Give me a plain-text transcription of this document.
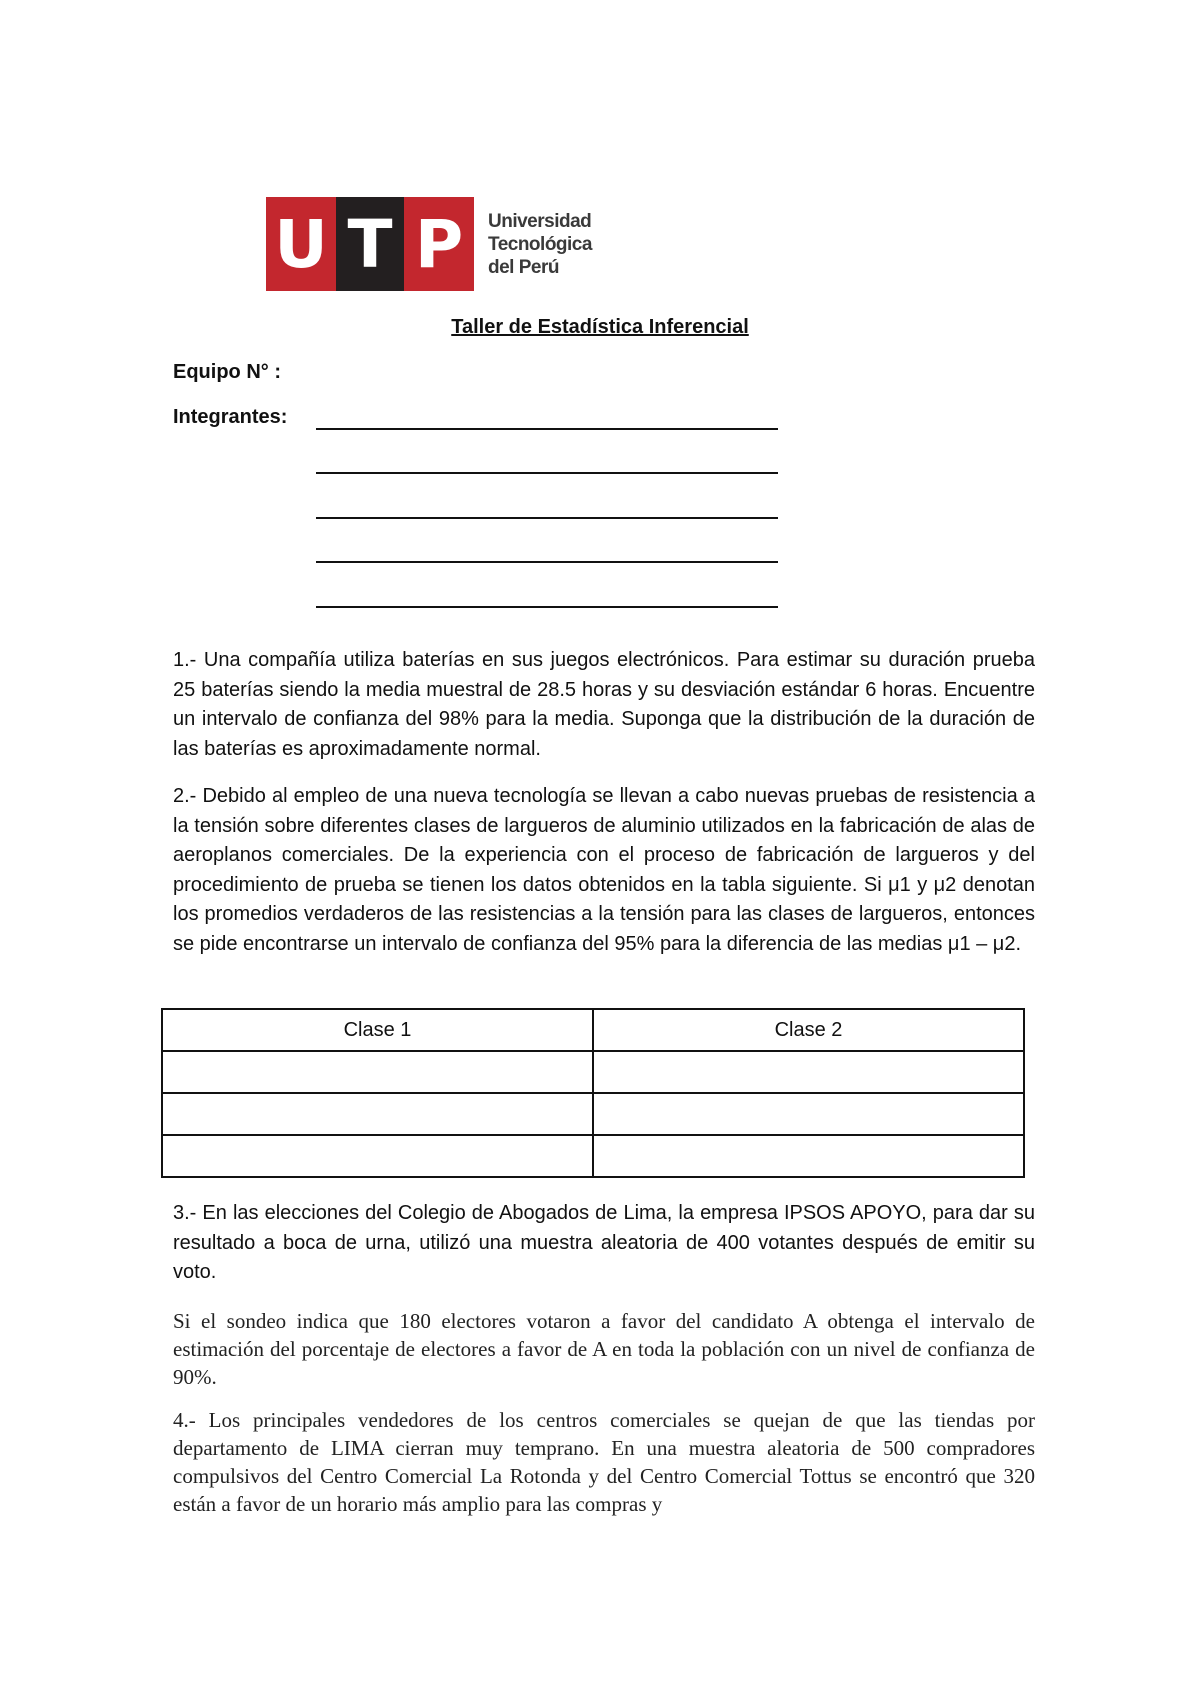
U T P	Universidad
Tecnológica
del Perú
Taller de Estadística Inferencial
Equipo N° :
Integrantes:
1.- Una compañía utiliza baterías en sus juegos electrónicos. Para estimar su duración prueba 25 baterías siendo la media muestral de 28.5 horas y su desviación estándar 6 horas. Encuentre un intervalo de confianza del 98% para la media. Suponga que la distribución de la duración de las baterías es aproximadamente normal.
2.- Debido al empleo de una nueva tecnología se llevan a cabo nuevas pruebas de resistencia a la tensión sobre diferentes clases de largueros de aluminio utilizados en la fabricación de alas de aeroplanos comerciales. De la experiencia con el proceso de fabricación de largueros y del procedimiento de prueba se tienen los datos obtenidos en la tabla siguiente. Si μ1 y μ2 denotan los promedios verdaderos de las resistencias a la tensión para las clases de largueros, entonces se pide encontrarse un intervalo de confianza del 95% para la diferencia de las medias μ1 – μ2.
Clase 1	Clase 2

3.- En las elecciones del Colegio de Abogados de Lima, la empresa IPSOS APOYO, para dar su resultado a boca de urna, utilizó una muestra aleatoria de 400 votantes después de emitir su voto.
Si el sondeo indica que 180 electores votaron a favor del candidato A obtenga el intervalo de estimación del porcentaje de electores a favor de A en toda la población con un nivel de confianza de 90%.
4.- Los principales vendedores de los centros comerciales se quejan de que las tiendas por departamento de LIMA cierran muy temprano. En una muestra aleatoria de 500 compradores compulsivos del Centro Comercial La Rotonda y del Centro Comercial Tottus se encontró que 320 están a favor de un horario más amplio para las compras y
